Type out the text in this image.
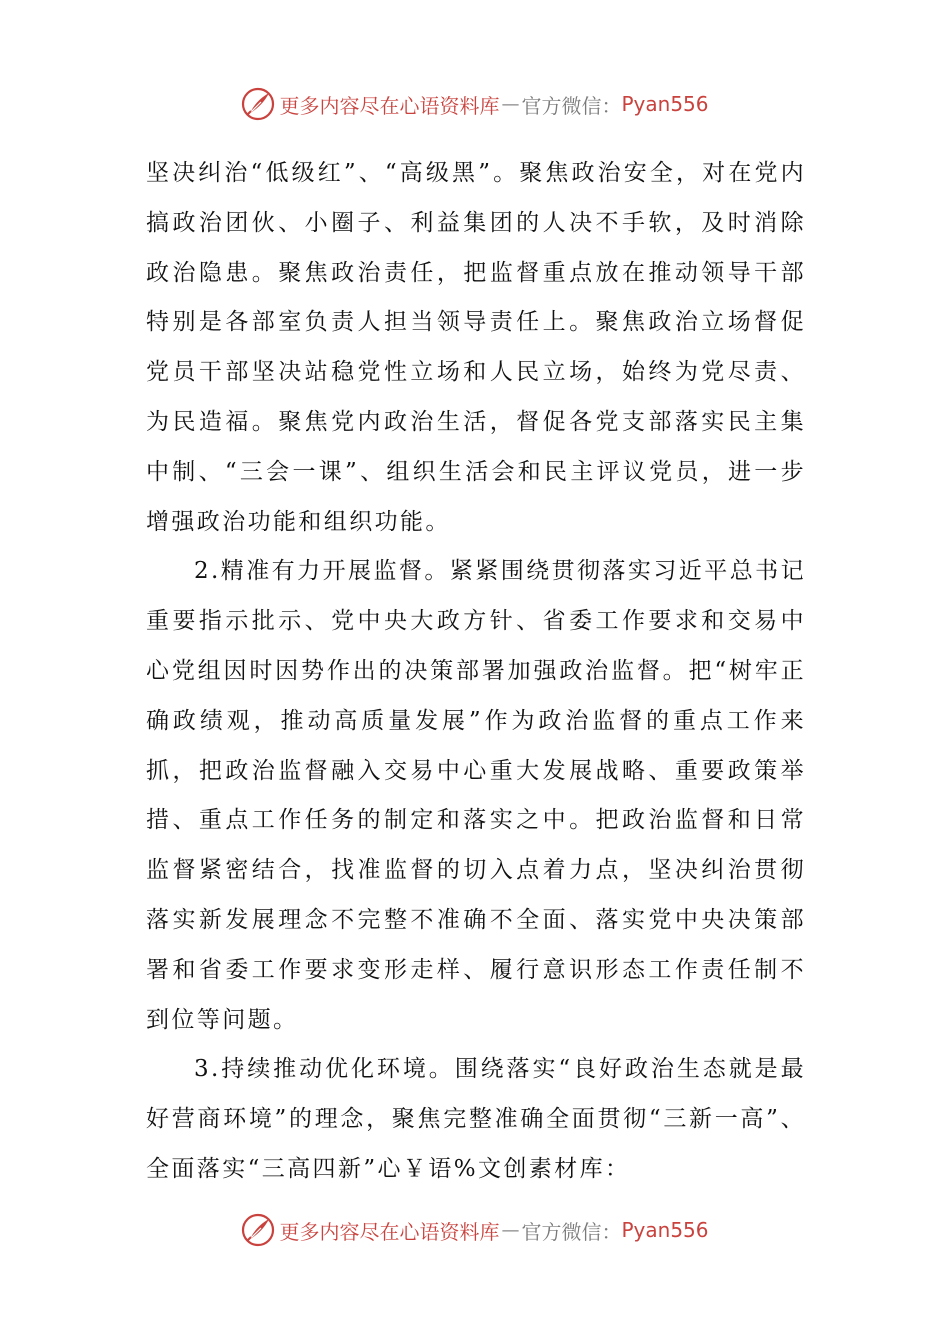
更多内容尽在心语资料库 — 官方微信： Pyan556

坚决纠治“低级红”、“高级黑”。聚焦政治安全，对在党内搞政治团伙、小圈子、利益集团的人决不手软，及时消除政治隐患。聚焦政治责任，把监督重点放在推动领导干部特别是各部室负责人担当领导责任上。聚焦政治立场督促党员干部坚决站稳党性立场和人民立场，始终为党尽责、为民造福。聚焦党内政治生活，督促各党支部落实民主集中制、“三会一课”、组织生活会和民主评议党员，进一步增强政治功能和组织功能。

2.精准有力开展监督。紧紧围绕贯彻落实习近平总书记重要指示批示、党中央大政方针、省委工作要求和交易中心党组因时因势作出的决策部署加强政治监督。把“树牢正确政绩观，推动高质量发展”作为政治监督的重点工作来抓，把政治监督融入交易中心重大发展战略、重要政策举措、重点工作任务的制定和落实之中。把政治监督和日常监督紧密结合，找准监督的切入点着力点，坚决纠治贯彻落实新发展理念不完整不准确不全面、落实党中央决策部署和省委工作要求变形走样、履行意识形态工作责任制不到位等问题。

3.持续推动优化环境。围绕落实“良好政治生态就是最好营商环境”的理念，聚焦完整准确全面贯彻“三新一高”、全面落实“三高四新”心￥语%文创素材库：

更多内容尽在心语资料库 — 官方微信： Pyan556
